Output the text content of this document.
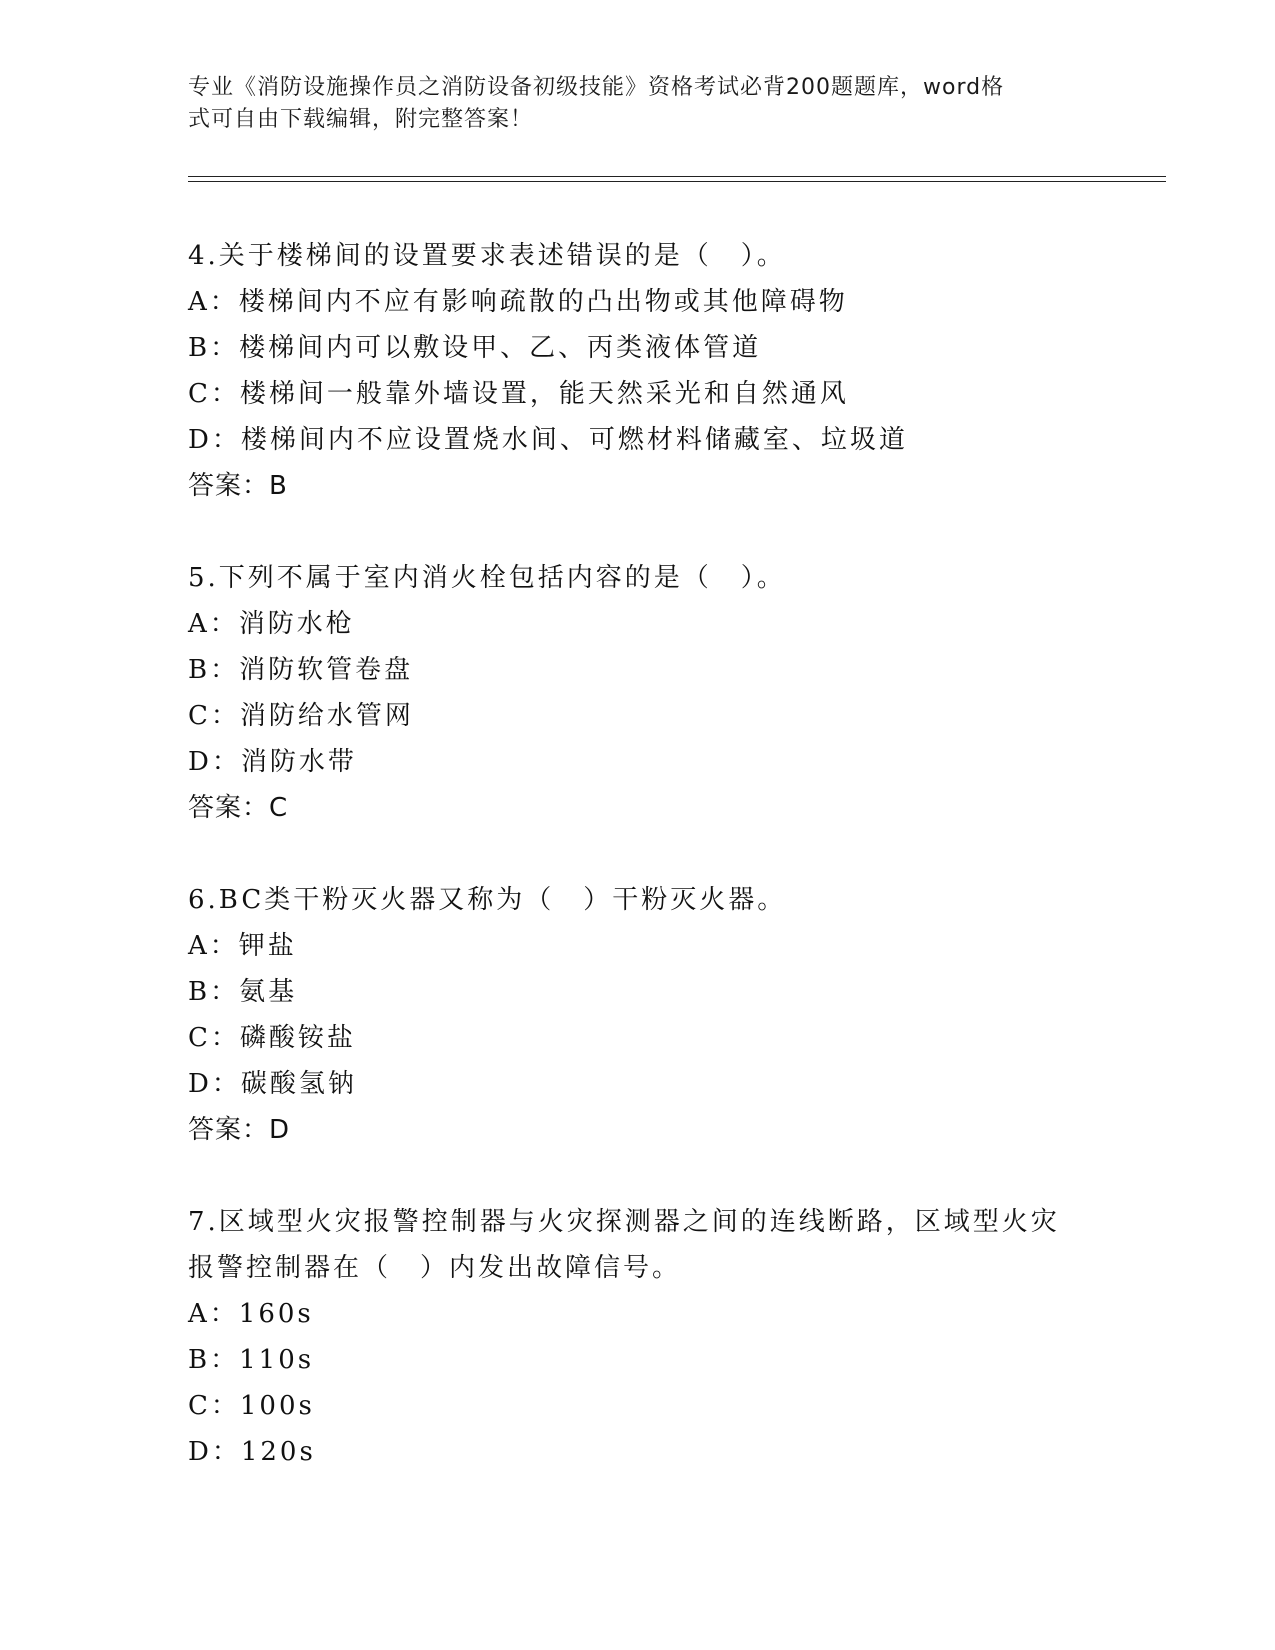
专业《消防设施操作员之消防设备初级技能》资格考试必背200题题库，word格
式可自由下载编辑，附完整答案！
4.关于楼梯间的设置要求表述错误的是（　）。
A：楼梯间内不应有影响疏散的凸出物或其他障碍物
B：楼梯间内可以敷设甲、乙、丙类液体管道
C：楼梯间一般靠外墙设置，能天然采光和自然通风
D：楼梯间内不应设置烧水间、可燃材料储藏室、垃圾道
答案：B
5.下列不属于室内消火栓包括内容的是（　）。
A：消防水枪
B：消防软管卷盘
C：消防给水管网
D：消防水带
答案：C
6.BC类干粉灭火器又称为（　）干粉灭火器。
A：钾盐
B：氨基
C：磷酸铵盐
D：碳酸氢钠
答案：D
7.区域型火灾报警控制器与火灾探测器之间的连线断路，区域型火灾
报警控制器在（　）内发出故障信号。
A：160s
B：110s
C：100s
D：120s
